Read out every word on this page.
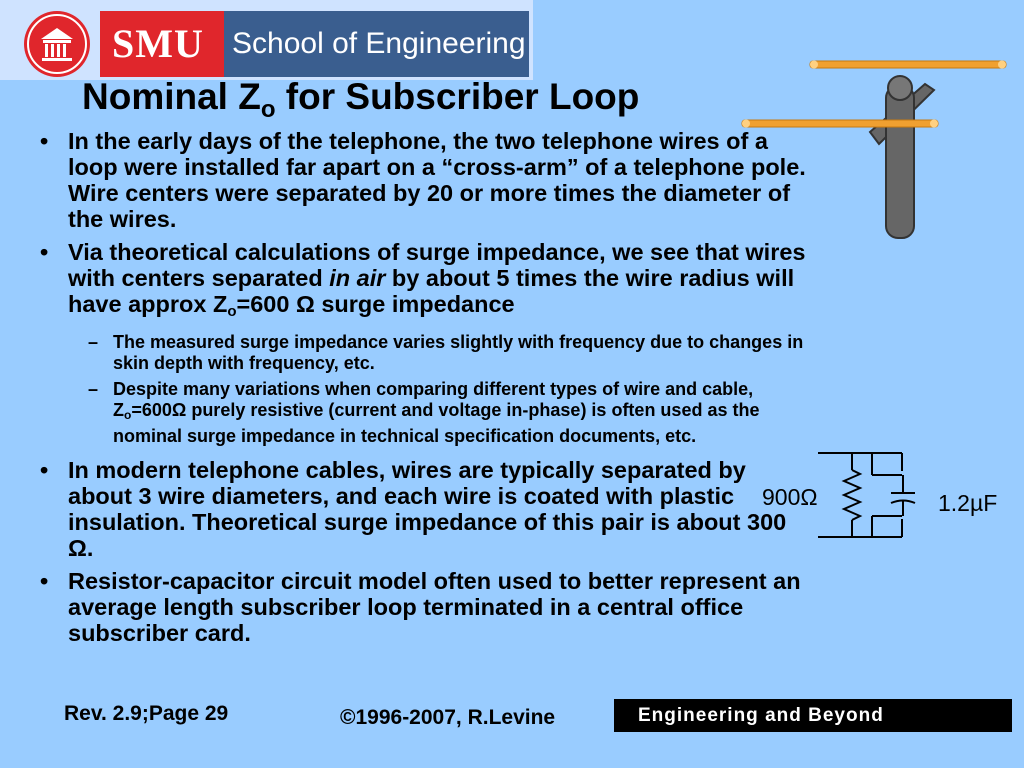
SMU School of Engineering
Nominal $Z_o$ for Subscriber Loop
• In the early days of the telephone, the two telephone wires of a loop were installed far apart on a “cross-arm” of a telephone pole. Wire centers were separated by 20 or more times the diameter of the wires.
• Via theoretical calculations of surge impedance, we see that wires with centers separated in air by about 5 times the wire radius will have approx $Z_o=600$ Ω surge impedance
– The measured surge impedance varies slightly with frequency due to changes in skin depth with frequency, etc.
– Despite many variations when comparing different types of wire and cable, $Z_o=600\Omega$ purely resistive (current and voltage in-phase) is often used as the nominal surge impedance in technical specification documents, etc.
• In modern telephone cables, wires are typically separated by about 3 wire diameters, and each wire is coated with plastic insulation. Theoretical surge impedance of this pair is about 300 Ω.
• Resistor-capacitor circuit model often used to better represent an average length subscriber loop terminated in a central office subscriber card.
900Ω	1.2µF
Rev. 2.9;Page 29	©1996-2007, R.Levine	Engineering and Beyond
